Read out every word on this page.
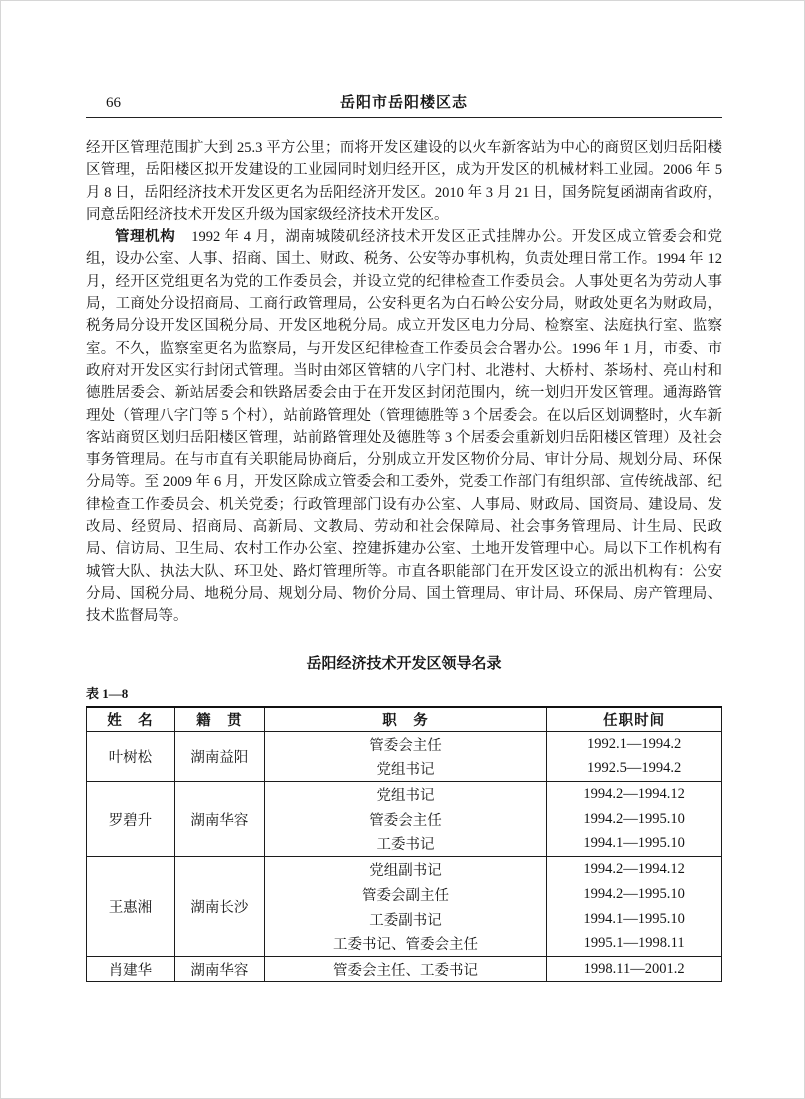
66	岳阳市岳阳楼区志

经开区管理范围扩大到 25.3 平方公里；而将开发区建设的以火车新客站为中心的商贸区划归岳阳楼区管理，岳阳楼区拟开发建设的工业园同时划归经开区，成为开发区的机械材料工业园。2006 年 5 月 8 日，岳阳经济技术开发区更名为岳阳经济开发区。2010 年 3 月 21 日，国务院复函湖南省政府，同意岳阳经济技术开发区升级为国家级经济技术开发区。

管理机构 1992 年 4 月，湖南城陵矶经济技术开发区正式挂牌办公。开发区成立管委会和党组，设办公室、人事、招商、国土、财政、税务、公安等办事机构，负责处理日常工作。1994 年 12 月，经开区党组更名为党的工作委员会，并设立党的纪律检查工作委员会。人事处更名为劳动人事局，工商处分设招商局、工商行政管理局，公安科更名为白石岭公安分局，财政处更名为财政局，税务局分设开发区国税分局、开发区地税分局。成立开发区电力分局、检察室、法庭执行室、监察室。不久，监察室更名为监察局，与开发区纪律检查工作委员会合署办公。1996 年 1 月，市委、市政府对开发区实行封闭式管理。当时由郊区管辖的八字门村、北港村、大桥村、茶场村、亮山村和德胜居委会、新站居委会和铁路居委会由于在开发区封闭范围内，统一划归开发区管理。通海路管理处（管理八字门等 5 个村），站前路管理处（管理德胜等 3 个居委会。在以后区划调整时，火车新客站商贸区划归岳阳楼区管理，站前路管理处及德胜等 3 个居委会重新划归岳阳楼区管理）及社会事务管理局。在与市直有关职能局协商后，分别成立开发区物价分局、审计分局、规划分局、环保分局等。至 2009 年 6 月，开发区除成立管委会和工委外，党委工作部门有组织部、宣传统战部、纪律检查工作委员会、机关党委；行政管理部门设有办公室、人事局、财政局、国资局、建设局、发改局、经贸局、招商局、高新局、文教局、劳动和社会保障局、社会事务管理局、计生局、民政局、信访局、卫生局、农村工作办公室、控建拆建办公室、土地开发管理中心。局以下工作机构有城管大队、执法大队、环卫处、路灯管理所等。市直各职能部门在开发区设立的派出机构有：公安分局、国税分局、地税分局、规划分局、物价分局、国土管理局、审计局、环保局、房产管理局、技术监督局等。

岳阳经济技术开发区领导名录
表 1—8
姓　名	籍　贯	职　务	任职时间
叶树松	湖南益阳	管委会主任	1992.1—1994.2
		党组书记	1992.5—1994.2
罗碧升	湖南华容	党组书记	1994.2—1994.12
		管委会主任	1994.2—1995.10
		工委书记	1994.1—1995.10
王惠湘	湖南长沙	党组副书记	1994.2—1994.12
		管委会副主任	1994.2—1995.10
		工委副书记	1994.1—1995.10
		工委书记、管委会主任	1995.1—1998.11
肖建华	湖南华容	管委会主任、工委书记	1998.11—2001.2
